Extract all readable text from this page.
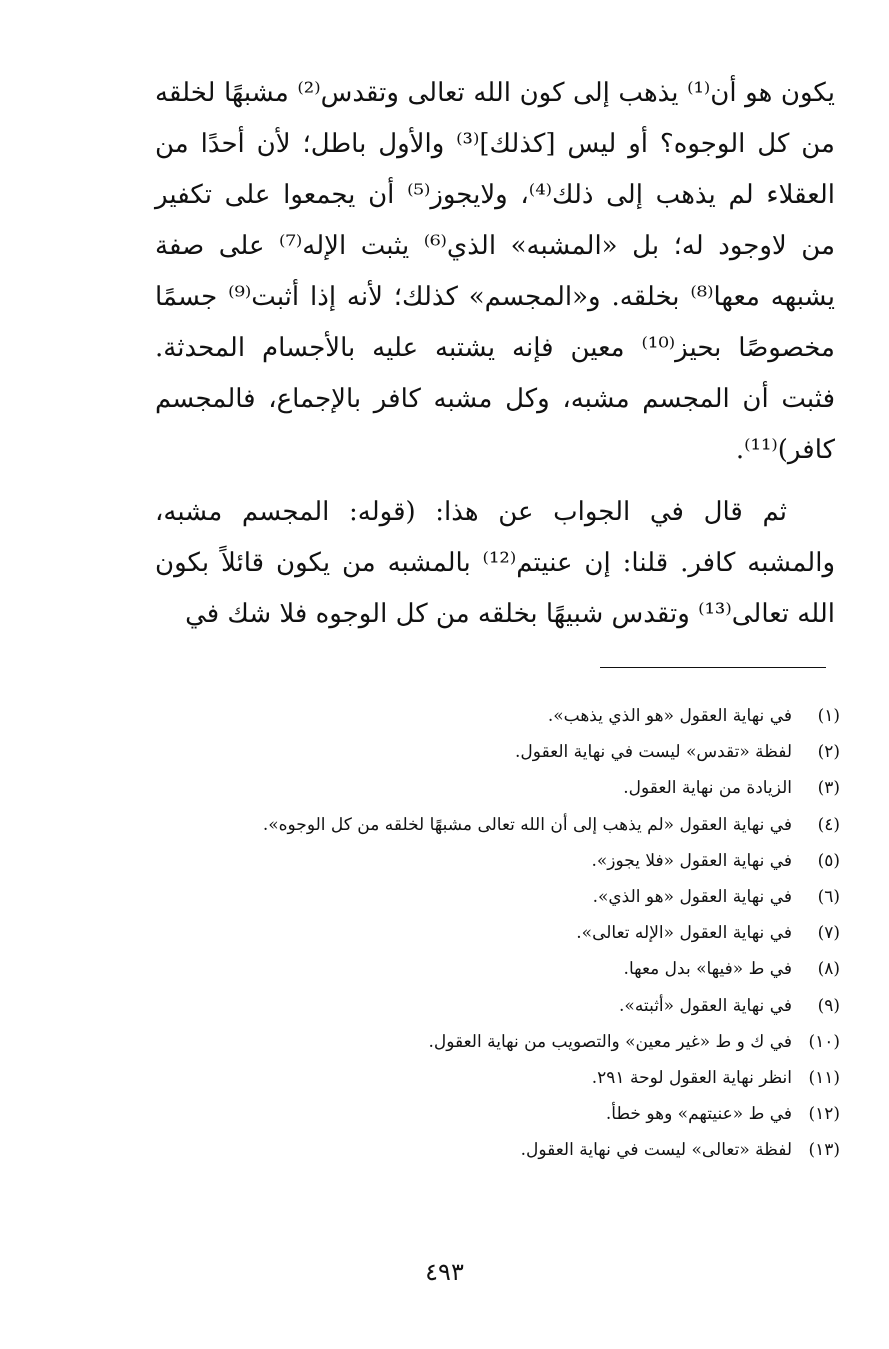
يكون هو أن⁽¹⁾ يذهب إلى كون الله تعالى وتقدس⁽²⁾ مشبهًا لخلقه من كل الوجوه؟ أو ليس [كذلك]⁽³⁾ والأول باطل؛ لأن أحدًا من العقلاء لم يذهب إلى ذلك⁽⁴⁾، ولايجوز⁽⁵⁾ أن يجمعوا على تكفير من لاوجود له؛ بل «المشبه» الذي⁽⁶⁾ يثبت الإله⁽⁷⁾ على صفة يشبهه معها⁽⁸⁾ بخلقه. و«المجسم» كذلك؛ لأنه إذا أثبت⁽⁹⁾ جسمًا مخصوصًا بحيز⁽¹⁰⁾ معين فإنه يشتبه عليه بالأجسام المحدثة. فثبت أن المجسم مشبه، وكل مشبه كافر بالإجماع، فالمجسم كافر)⁽¹¹⁾.

ثم قال في الجواب عن هذا: (قوله: المجسم مشبه، والمشبه كافر. قلنا: إن عنيتم⁽¹²⁾ بالمشبه من يكون قائلاً بكون الله تعالى⁽¹³⁾ وتقدس شبيهًا بخلقه من كل الوجوه فلا شك في

(١)في نهاية العقول «هو الذي يذهب».
(٢)لفظة «تقدس» ليست في نهاية العقول.
(٣)الزيادة من نهاية العقول.
(٤)في نهاية العقول «لم يذهب إلى أن الله تعالى مشبهًا لخلقه من كل الوجوه».
(٥)في نهاية العقول «فلا يجوز».
(٦)في نهاية العقول «هو الذي».
(٧)في نهاية العقول «الإله تعالى».
(٨)في ط «فيها» بدل معها.
(٩)في نهاية العقول «أثبته».
(١٠)في ك و ط «غير معين» والتصويب من نهاية العقول.
(١١)انظر نهاية العقول لوحة ٢٩١.
(١٢)في ط «عنيتهم» وهو خطأ.
(١٣)لفظة «تعالى» ليست في نهاية العقول.
٤٩٣
